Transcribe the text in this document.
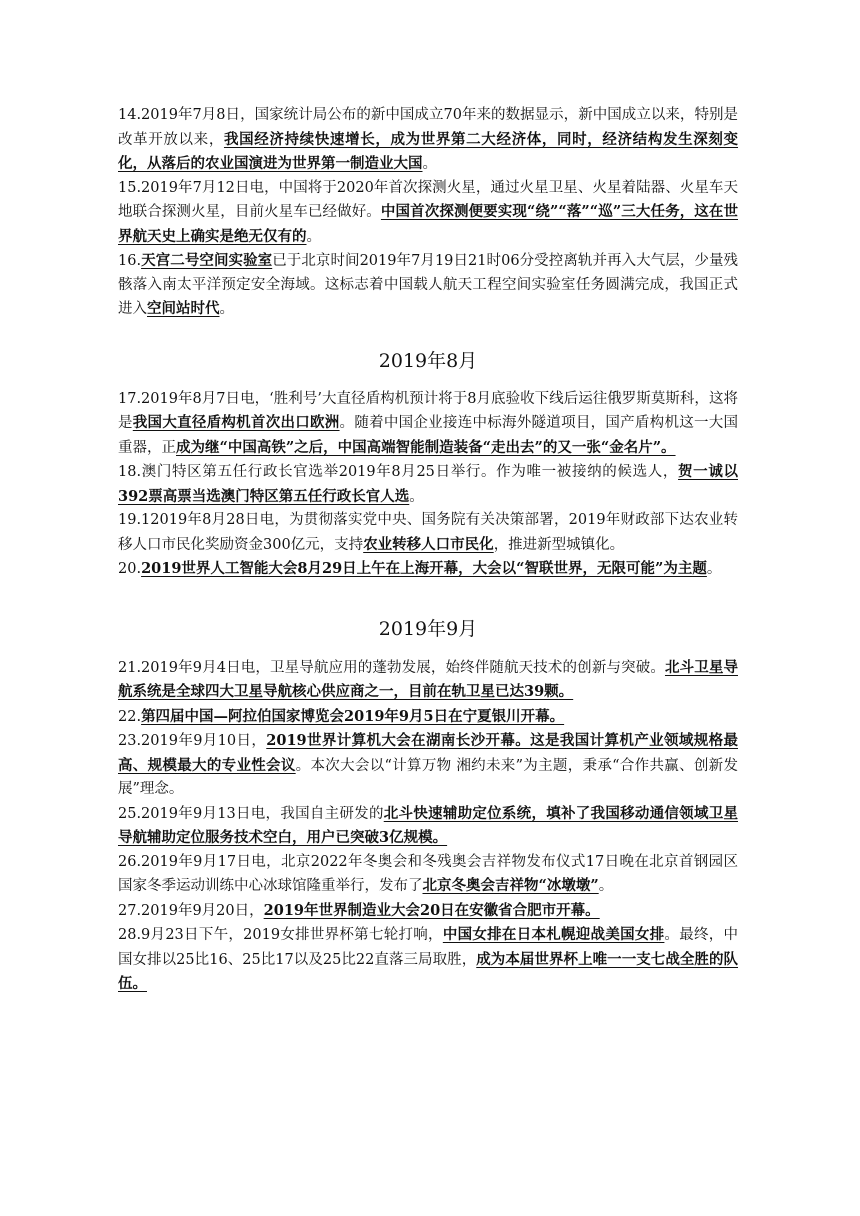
14.2019年7月8日，国家统计局公布的新中国成立70年来的数据显示，新中国成立以来，特别是改革开放以来，我国经济持续快速增长，成为世界第二大经济体，同时，经济结构发生深刻变化，从落后的农业国演进为世界第一制造业大国。

15.2019年7月12日电，中国将于2020年首次探测火星，通过火星卫星、火星着陆器、火星车天地联合探测火星，目前火星车已经做好。中国首次探测便要实现“绕”“落”“巡”三大任务，这在世界航天史上确实是绝无仅有的。

16.天宫二号空间实验室已于北京时间2019年7月19日21时06分受控离轨并再入大气层，少量残骸落入南太平洋预定安全海域。这标志着中国载人航天工程空间实验室任务圆满完成，我国正式进入空间站时代。

2019年8月

17.2019年8月7日电，‘胜利号’大直径盾构机预计将于8月底验收下线后运往俄罗斯莫斯科，这将是我国大直径盾构机首次出口欧洲。随着中国企业接连中标海外隧道项目，国产盾构机这一大国重器，正成为继“中国高铁”之后，中国高端智能制造装备“走出去”的又一张“金名片”。

18.澳门特区第五任行政长官选举2019年8月25日举行。作为唯一被接纳的候选人，贺一诚以392票高票当选澳门特区第五任行政长官人选。

19.12019年8月28日电，为贯彻落实党中央、国务院有关决策部署，2019年财政部下达农业转移人口市民化奖励资金300亿元，支持农业转移人口市民化，推进新型城镇化。

20.2019世界人工智能大会8月29日上午在上海开幕，大会以“智联世界，无限可能”为主题。

2019年9月

21.2019年9月4日电，卫星导航应用的蓬勃发展，始终伴随航天技术的创新与突破。北斗卫星导航系统是全球四大卫星导航核心供应商之一，目前在轨卫星已达39颗。

22.第四届中国—阿拉伯国家博览会2019年9月5日在宁夏银川开幕。

23.2019年9月10日，2019世界计算机大会在湖南长沙开幕。这是我国计算机产业领域规格最高、规模最大的专业性会议。本次大会以“计算万物 湘约未来”为主题，秉承“合作共赢、创新发展”理念。

25.2019年9月13日电，我国自主研发的北斗快速辅助定位系统，填补了我国移动通信领域卫星导航辅助定位服务技术空白，用户已突破3亿规模。

26.2019年9月17日电，北京2022年冬奥会和冬残奥会吉祥物发布仪式17日晚在北京首钢园区国家冬季运动训练中心冰球馆隆重举行，发布了北京冬奥会吉祥物“冰墩墩”。

27.2019年9月20日，2019年世界制造业大会20日在安徽省合肥市开幕。

28.9月23日下午，2019女排世界杯第七轮打响，中国女排在日本札幌迎战美国女排。最终，中国女排以25比16、25比17以及25比22直落三局取胜，成为本届世界杯上唯一一支七战全胜的队伍。
